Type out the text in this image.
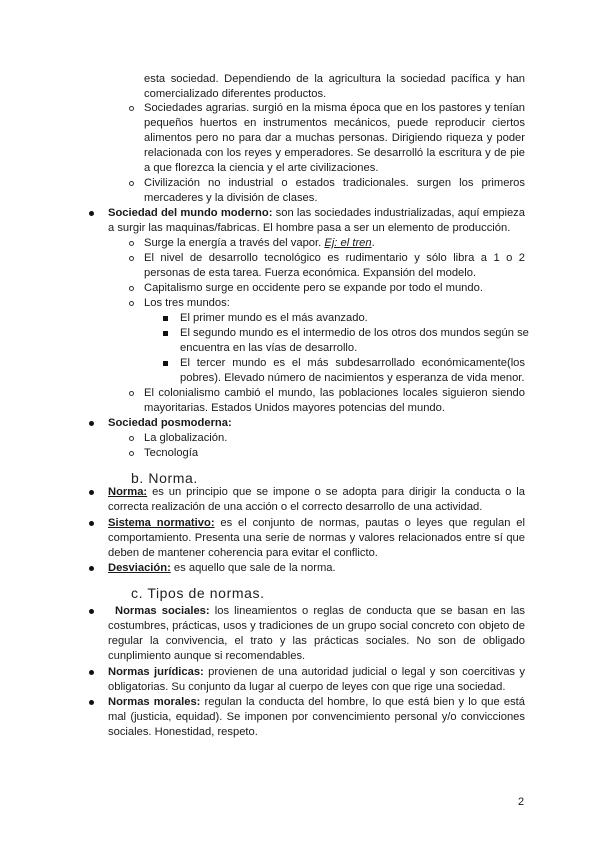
esta sociedad. Dependiendo de la agricultura la sociedad pacífica y han
comercializado diferentes productos.
Sociedades agrarias. surgió en la misma época que en los pastores y tenían
pequeños huertos en instrumentos mecánicos, puede reproducir ciertos
alimentos pero no para dar a muchas personas. Dirigiendo riqueza y poder
relacionada con los reyes y emperadores. Se desarrolló la escritura y de pie
a que florezca la ciencia y el arte civilizaciones.
Civilización no industrial o estados tradicionales. surgen los primeros
mercaderes y la división de clases.
Sociedad del mundo moderno: son las sociedades industrializadas, aquí empieza
a surgir las maquinas/fabricas. El hombre pasa a ser un elemento de producción.
Surge la energía a través del vapor. Ej: el tren.
El nivel de desarrollo tecnológico es rudimentario y sólo libra a 1 o 2
personas de esta tarea. Fuerza económica. Expansión del modelo.
Capitalismo surge en occidente pero se expande por todo el mundo.
Los tres mundos:
El primer mundo es el más avanzado.
El segundo mundo es el intermedio de los otros dos mundos según se
encuentra en las vías de desarrollo.
El tercer mundo es el más subdesarrollado económicamente(los
pobres). Elevado número de nacimientos y esperanza de vida menor.
El colonialismo cambió el mundo, las poblaciones locales siguieron siendo
mayoritarias. Estados Unidos mayores potencias del mundo.
Sociedad posmoderna:
La globalización.
Tecnología
b. Norma.
Norma: es un principio que se impone o se adopta para dirigir la conducta o la
correcta realización de una acción o el correcto desarrollo de una actividad.
Sistema normativo: es el conjunto de normas, pautas o leyes que regulan el
comportamiento. Presenta una serie de normas y valores relacionados entre sí que
deben de mantener coherencia para evitar el conflicto.
Desviación: es aquello que sale de la norma.
c. Tipos de normas.
Normas sociales: los lineamientos o reglas de conducta que se basan en las
costumbres, prácticas, usos y tradiciones de un grupo social concreto con objeto de
regular la convivencia, el trato y las prácticas sociales. No son de obligado
cunplimiento aunque si recomendables.
Normas jurídicas: provienen de una autoridad judicial o legal y son coercitivas y
obligatorias. Su conjunto da lugar al cuerpo de leyes con que rige una sociedad.
Normas morales: regulan la conducta del hombre, lo que está bien y lo que está
mal (justicia, equidad). Se imponen por convencimiento personal y/o convicciones
sociales. Honestidad, respeto.
2
